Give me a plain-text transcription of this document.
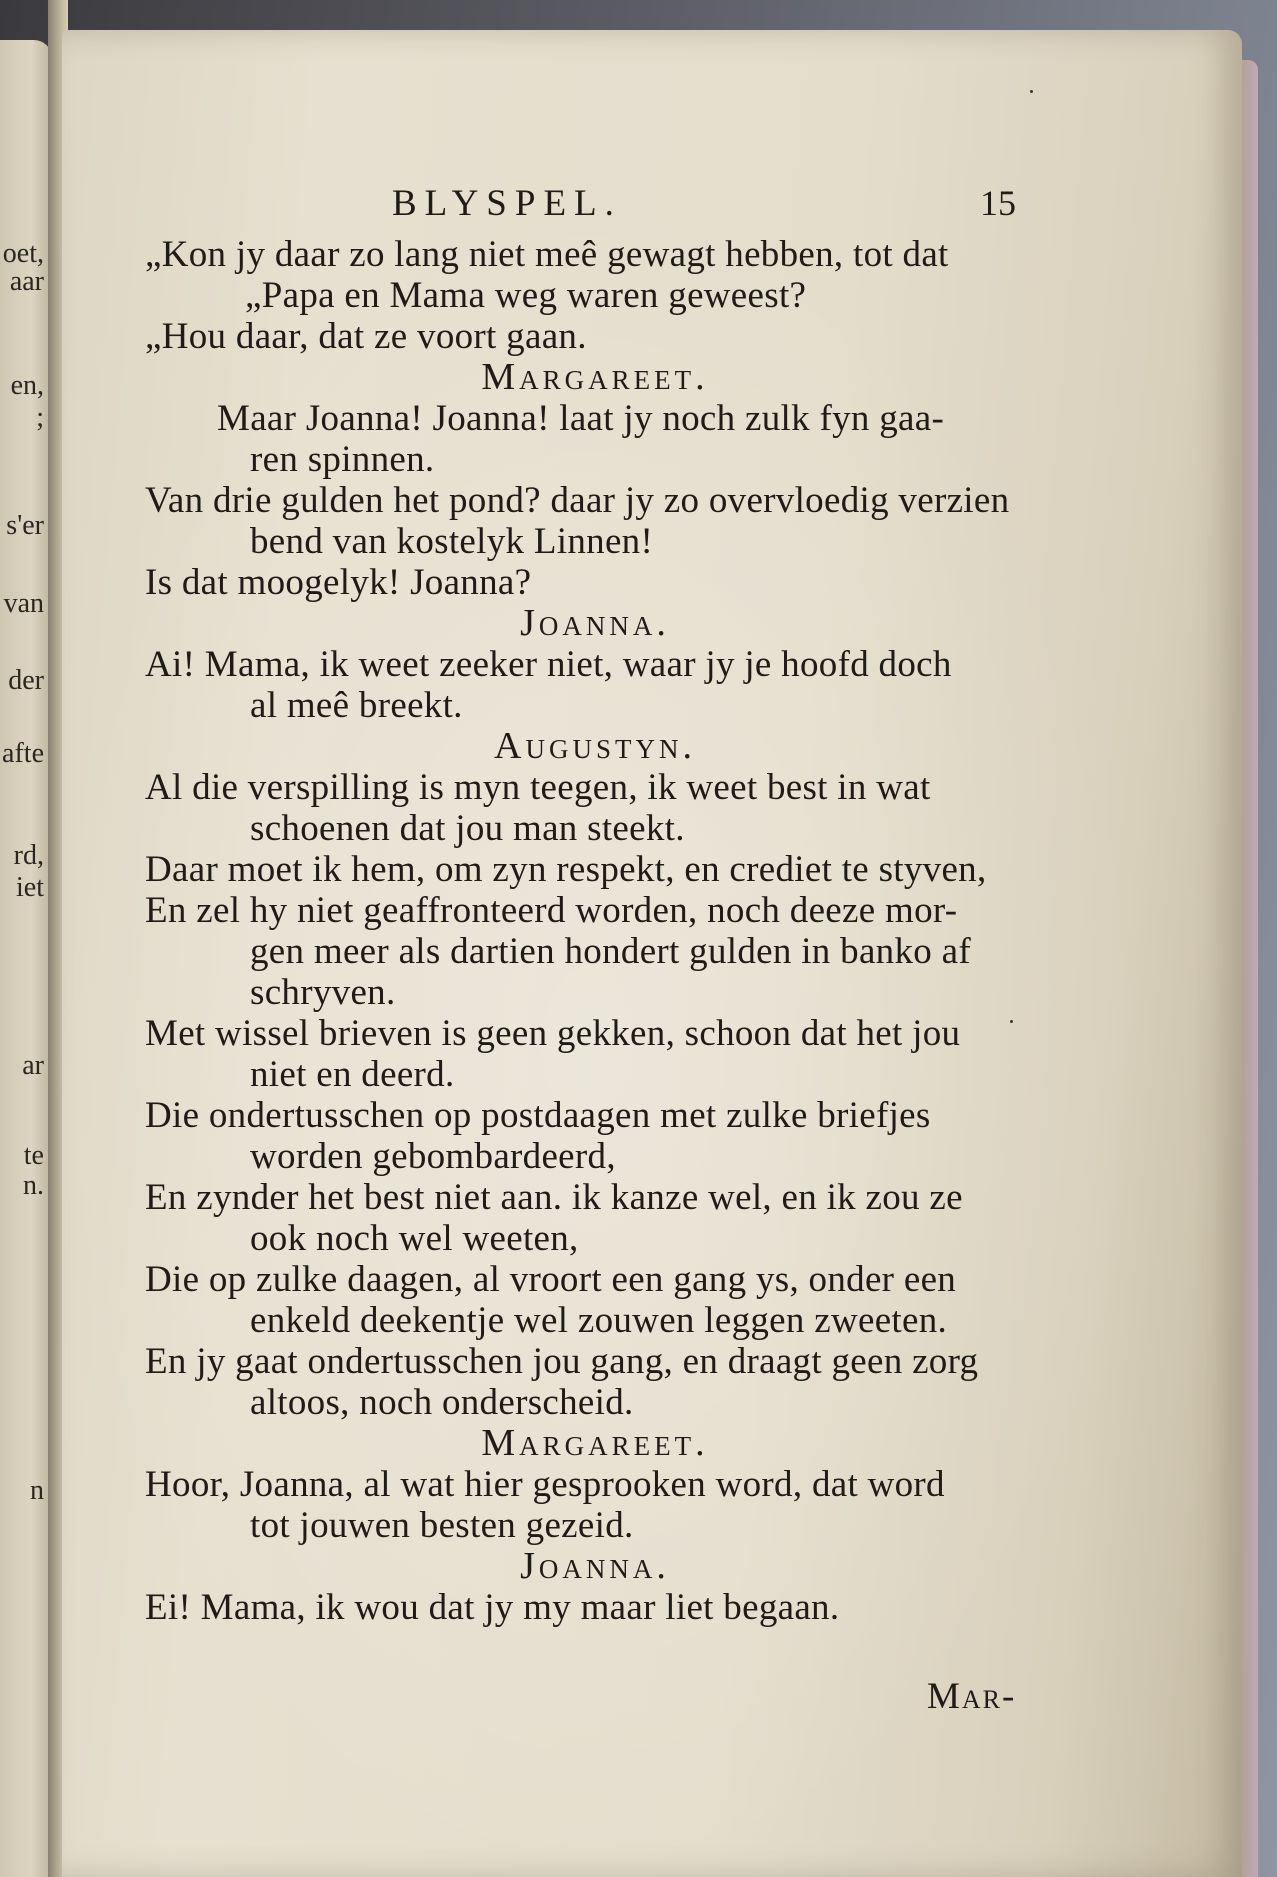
oet,
aar
en,
;
s'er
van
der
afte
rd,
iet
ar
te
n.
n
BLYSPEL.	15

„Kon jy daar zo lang niet meê gewagt hebben, tot dat

„Papa en Mama weg waren geweest?

„Hou daar, dat ze voort gaan.

Margareet.

Maar Joanna! Joanna! laat jy noch zulk fyn gaa-

ren spinnen.

Van drie gulden het pond? daar jy zo overvloedig verzien

bend van kostelyk Linnen!

Is dat moogelyk! Joanna?

Joanna.

Ai! Mama, ik weet zeeker niet, waar jy je hoofd doch

al meê breekt.

Augustyn.

Al die verspilling is myn teegen, ik weet best in wat

schoenen dat jou man steekt.

Daar moet ik hem, om zyn respekt, en crediet te styven,

En zel hy niet geaffronteerd worden, noch deeze mor-

gen meer als dartien hondert gulden in banko af

schryven.

Met wissel brieven is geen gekken, schoon dat het jou

niet en deerd.

Die ondertusschen op postdaagen met zulke briefjes

worden gebombardeerd,

En zynder het best niet aan. ik kanze wel, en ik zou ze

ook noch wel weeten,

Die op zulke daagen, al vroort een gang ys, onder een

enkeld deekentje wel zouwen leggen zweeten.

En jy gaat ondertusschen jou gang, en draagt geen zorg

altoos, noch onderscheid.

Margareet.

Hoor, Joanna, al wat hier gesprooken word, dat word

tot jouwen besten gezeid.

Joanna.

Ei! Mama, ik wou dat jy my maar liet begaan.

Mar-
